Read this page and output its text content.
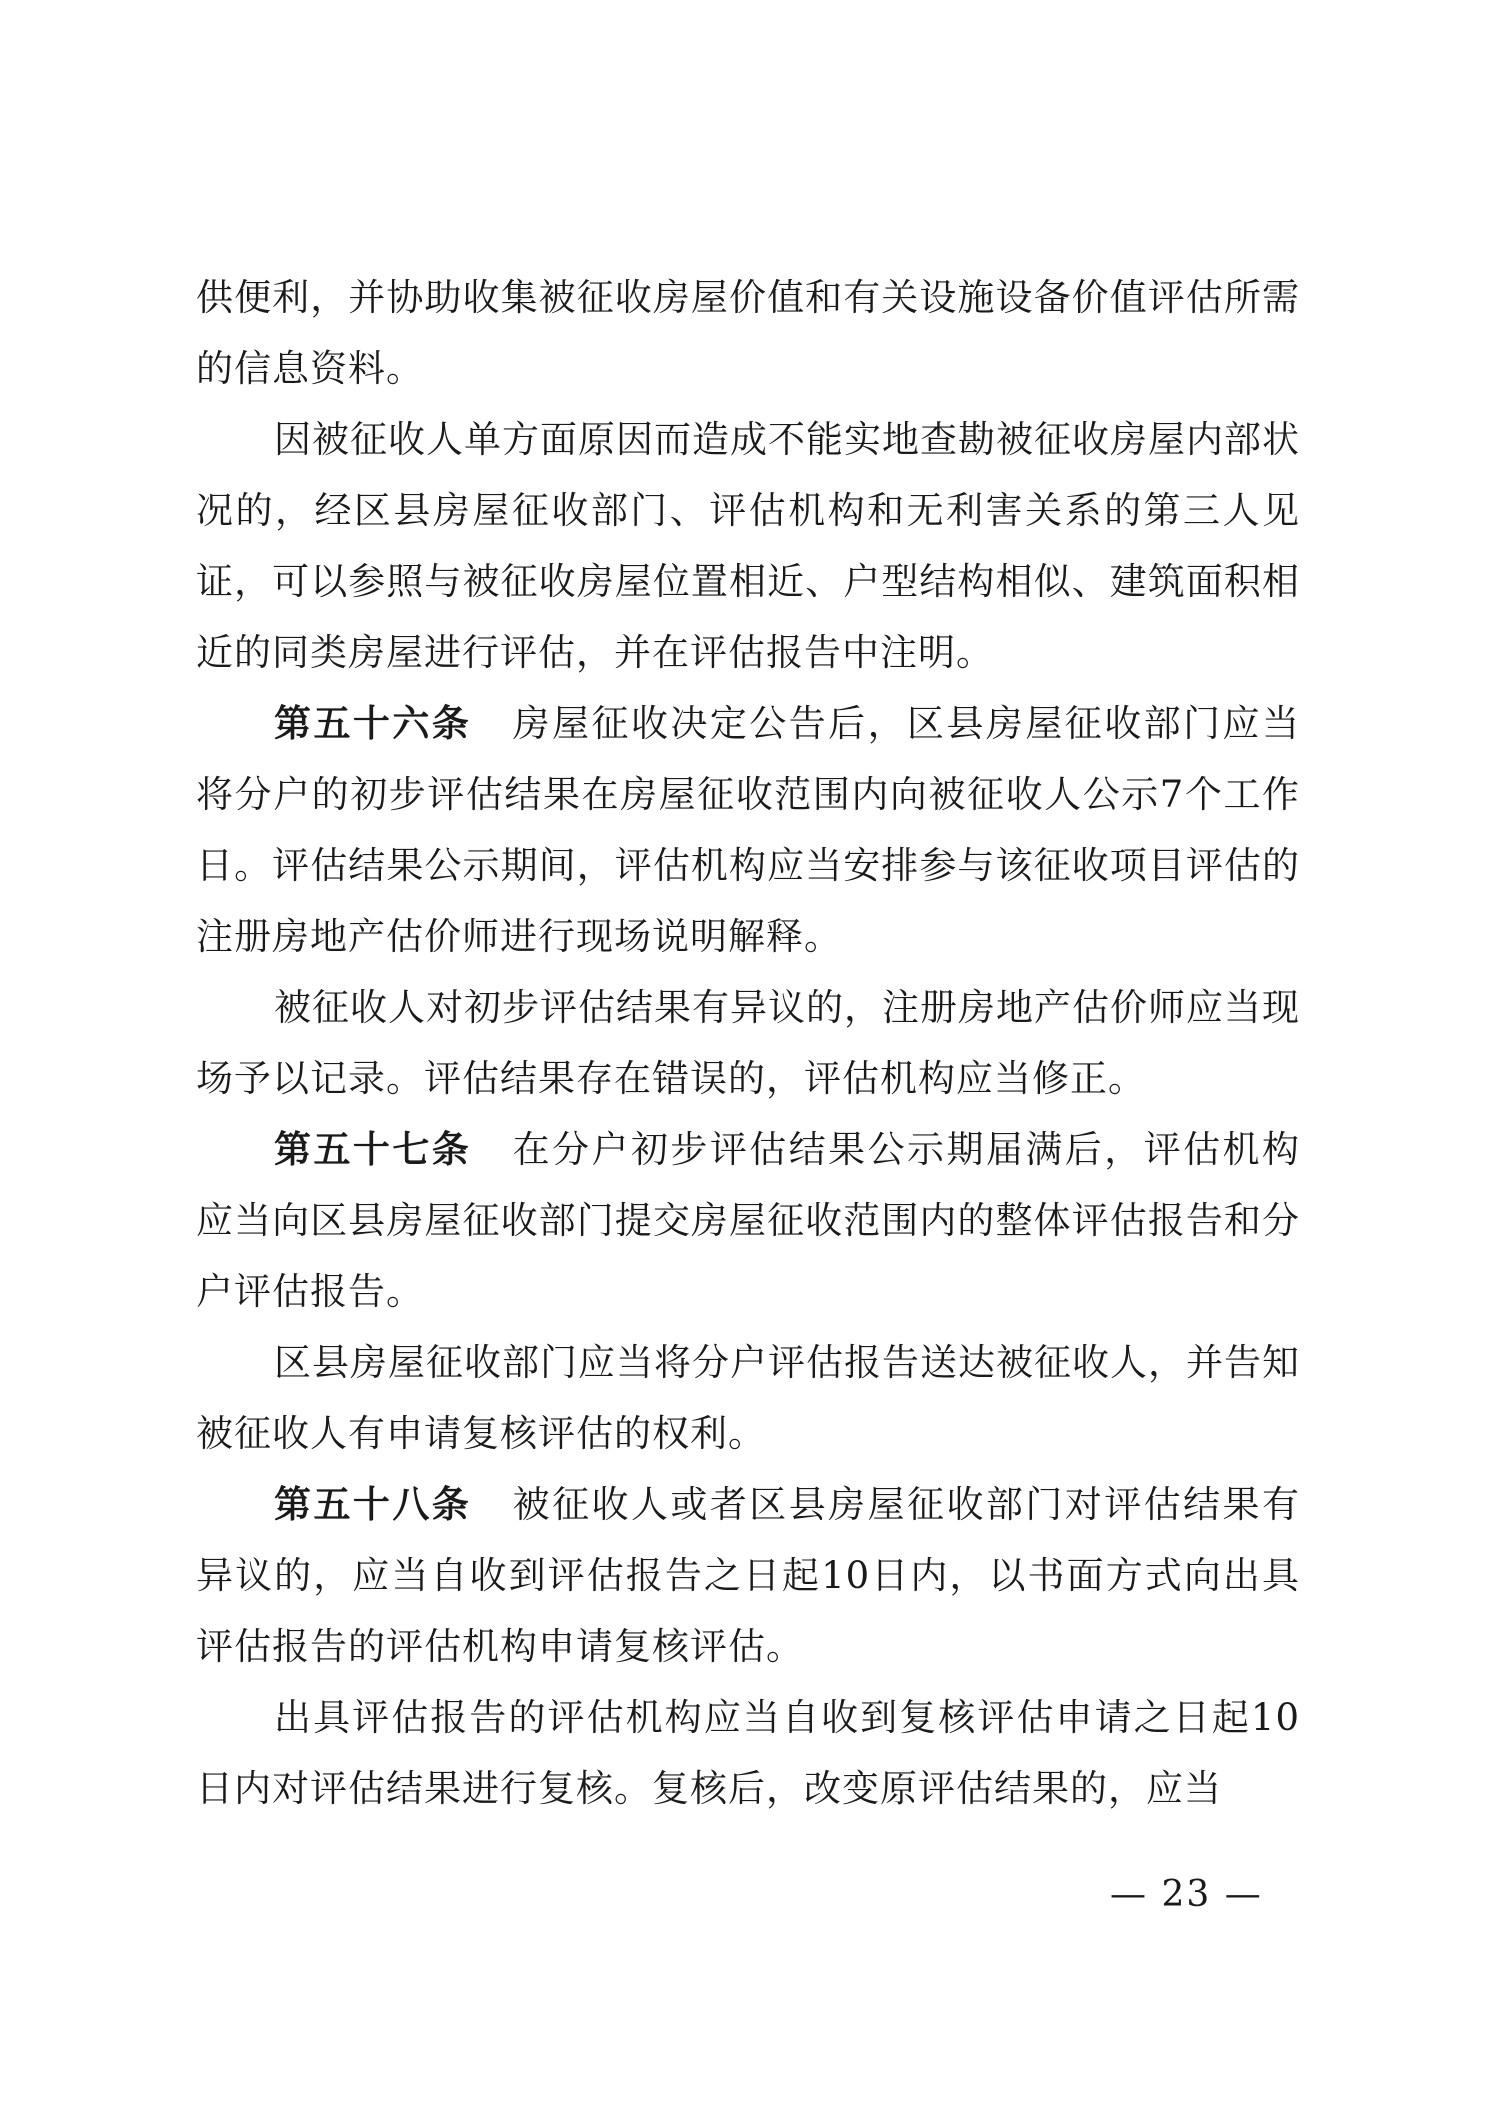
供便利，并协助收集被征收房屋价值和有关设施设备价值评估所需的信息资料。

因被征收人单方面原因而造成不能实地查勘被征收房屋内部状况的，经区县房屋征收部门、评估机构和无利害关系的第三人见证，可以参照与被征收房屋位置相近、户型结构相似、建筑面积相近的同类房屋进行评估，并在评估报告中注明。

第五十六条 房屋征收决定公告后，区县房屋征收部门应当将分户的初步评估结果在房屋征收范围内向被征收人公示7个工作日。评估结果公示期间，评估机构应当安排参与该征收项目评估的注册房地产估价师进行现场说明解释。

被征收人对初步评估结果有异议的，注册房地产估价师应当现场予以记录。评估结果存在错误的，评估机构应当修正。

第五十七条 在分户初步评估结果公示期届满后，评估机构应当向区县房屋征收部门提交房屋征收范围内的整体评估报告和分户评估报告。

区县房屋征收部门应当将分户评估报告送达被征收人，并告知被征收人有申请复核评估的权利。

第五十八条 被征收人或者区县房屋征收部门对评估结果有异议的，应当自收到评估报告之日起10日内，以书面方式向出具评估报告的评估机构申请复核评估。

出具评估报告的评估机构应当自收到复核评估申请之日起10日内对评估结果进行复核。复核后，改变原评估结果的，应当

— 23 —
